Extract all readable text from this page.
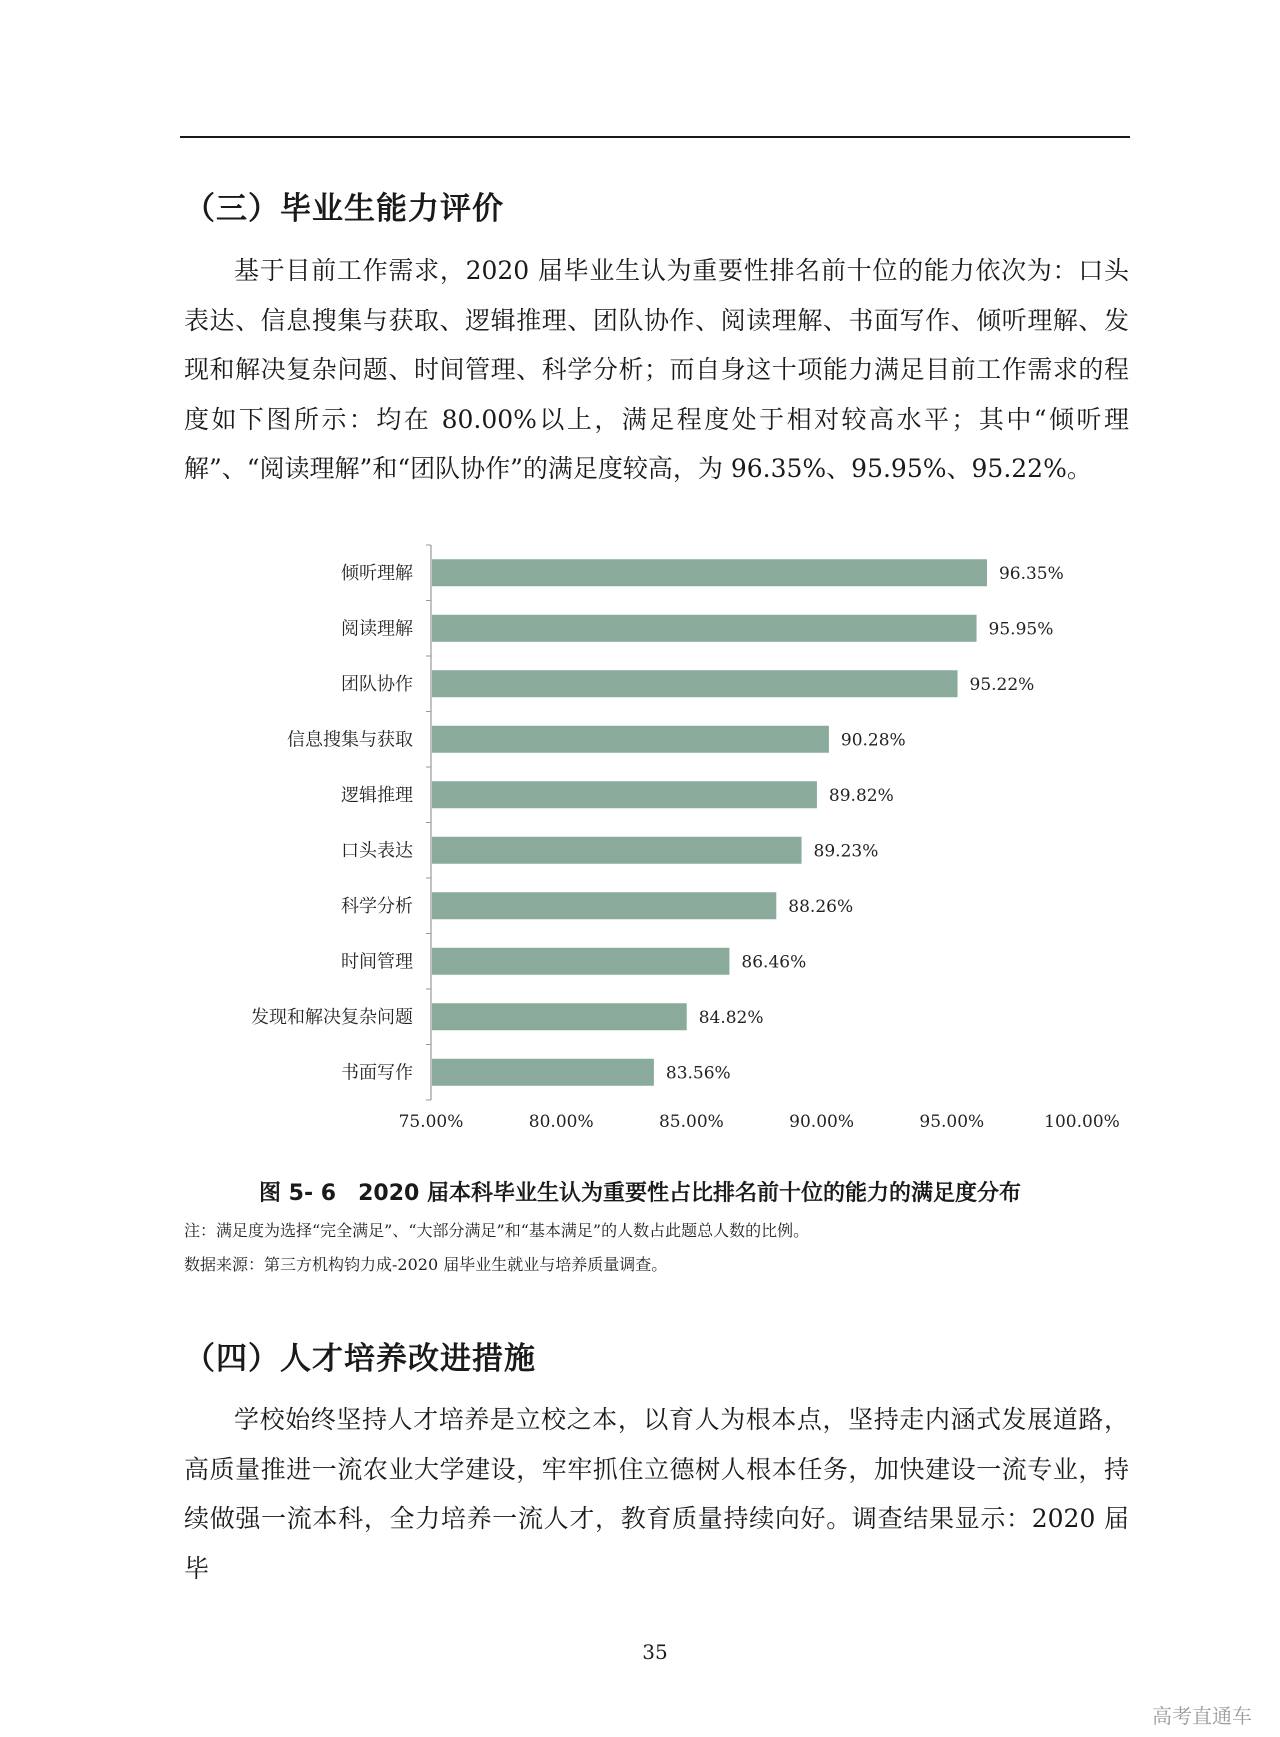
（三）毕业生能力评价
基于目前工作需求，2020 届毕业生认为重要性排名前十位的能力依次为：口头表达、信息搜集与获取、逻辑推理、团队协作、阅读理解、书面写作、倾听理解、发现和解决复杂问题、时间管理、科学分析；而自身这十项能力满足目前工作需求的程度如下图所示：均在 80.00%以上，满足程度处于相对较高水平；其中“倾听理解”、“阅读理解”和“团队协作”的满足度较高，为 96.35%、95.95%、95.22%。
倾听理解	96.35%
阅读理解	95.95%
团队协作	95.22%
信息搜集与获取	90.28%
逻辑推理	89.82%
口头表达	89.23%
科学分析	88.26%
时间管理	86.46%
发现和解决复杂问题	84.82%
书面写作	83.56%
75.00%	80.00%	85.00%	90.00%	95.00%	100.00%
图 5- 6　2020 届本科毕业生认为重要性占比排名前十位的能力的满足度分布
注：满足度为选择“完全满足”、“大部分满足”和“基本满足”的人数占此题总人数的比例。
数据来源：第三方机构钧力成-2020 届毕业生就业与培养质量调查。
（四）人才培养改进措施
学校始终坚持人才培养是立校之本，以育人为根本点，坚持走内涵式发展道路，高质量推进一流农业大学建设，牢牢抓住立德树人根本任务，加快建设一流专业，持续做强一流本科，全力培养一流人才，教育质量持续向好。调查结果显示：2020 届毕
35
高考直通车
